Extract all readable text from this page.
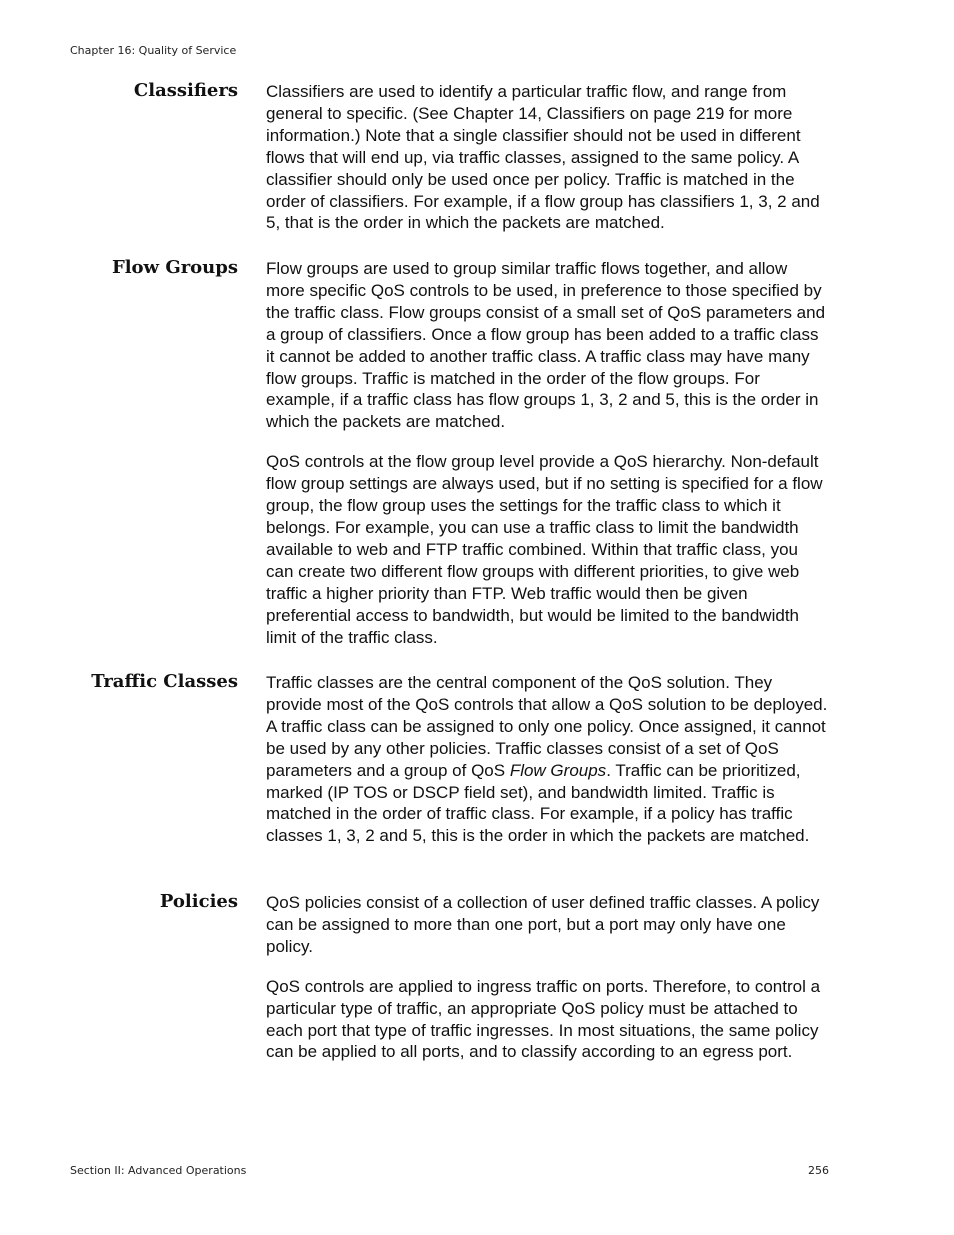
Chapter 16: Quality of Service
Classifiers Classifiers are used to identify a particular traffic flow, and range from general to specific. (See Chapter 14, Classifiers on page 219 for more information.) Note that a single classifier should not be used in different flows that will end up, via traffic classes, assigned to the same policy. A classifier should only be used once per policy. Traffic is matched in the order of classifiers. For example, if a flow group has classifiers 1, 3, 2 and 5, that is the order in which the packets are matched.

Flow Groups Flow groups are used to group similar traffic flows together, and allow more specific QoS controls to be used, in preference to those specified by the traffic class. Flow groups consist of a small set of QoS parameters and a group of classifiers. Once a flow group has been added to a traffic class it cannot be added to another traffic class. A traffic class may have many flow groups. Traffic is matched in the order of the flow groups. For example, if a traffic class has flow groups 1, 3, 2 and 5, this is the order in which the packets are matched.

QoS controls at the flow group level provide a QoS hierarchy. Non-default flow group settings are always used, but if no setting is specified for a flow group, the flow group uses the settings for the traffic class to which it belongs. For example, you can use a traffic class to limit the bandwidth available to web and FTP traffic combined. Within that traffic class, you can create two different flow groups with different priorities, to give web traffic a higher priority than FTP. Web traffic would then be given preferential access to bandwidth, but would be limited to the bandwidth limit of the traffic class.

Traffic Classes Traffic classes are the central component of the QoS solution. They provide most of the QoS controls that allow a QoS solution to be deployed. A traffic class can be assigned to only one policy. Once assigned, it cannot be used by any other policies. Traffic classes consist of a set of QoS parameters and a group of QoS Flow Groups. Traffic can be prioritized, marked (IP TOS or DSCP field set), and bandwidth limited. Traffic is matched in the order of traffic class. For example, if a policy has traffic classes 1, 3, 2 and 5, this is the order in which the packets are matched.

Policies QoS policies consist of a collection of user defined traffic classes. A policy can be assigned to more than one port, but a port may only have one policy.

QoS controls are applied to ingress traffic on ports. Therefore, to control a particular type of traffic, an appropriate QoS policy must be attached to each port that type of traffic ingresses. In most situations, the same policy can be applied to all ports, and to classify according to an egress port.

Section II: Advanced Operations	256
